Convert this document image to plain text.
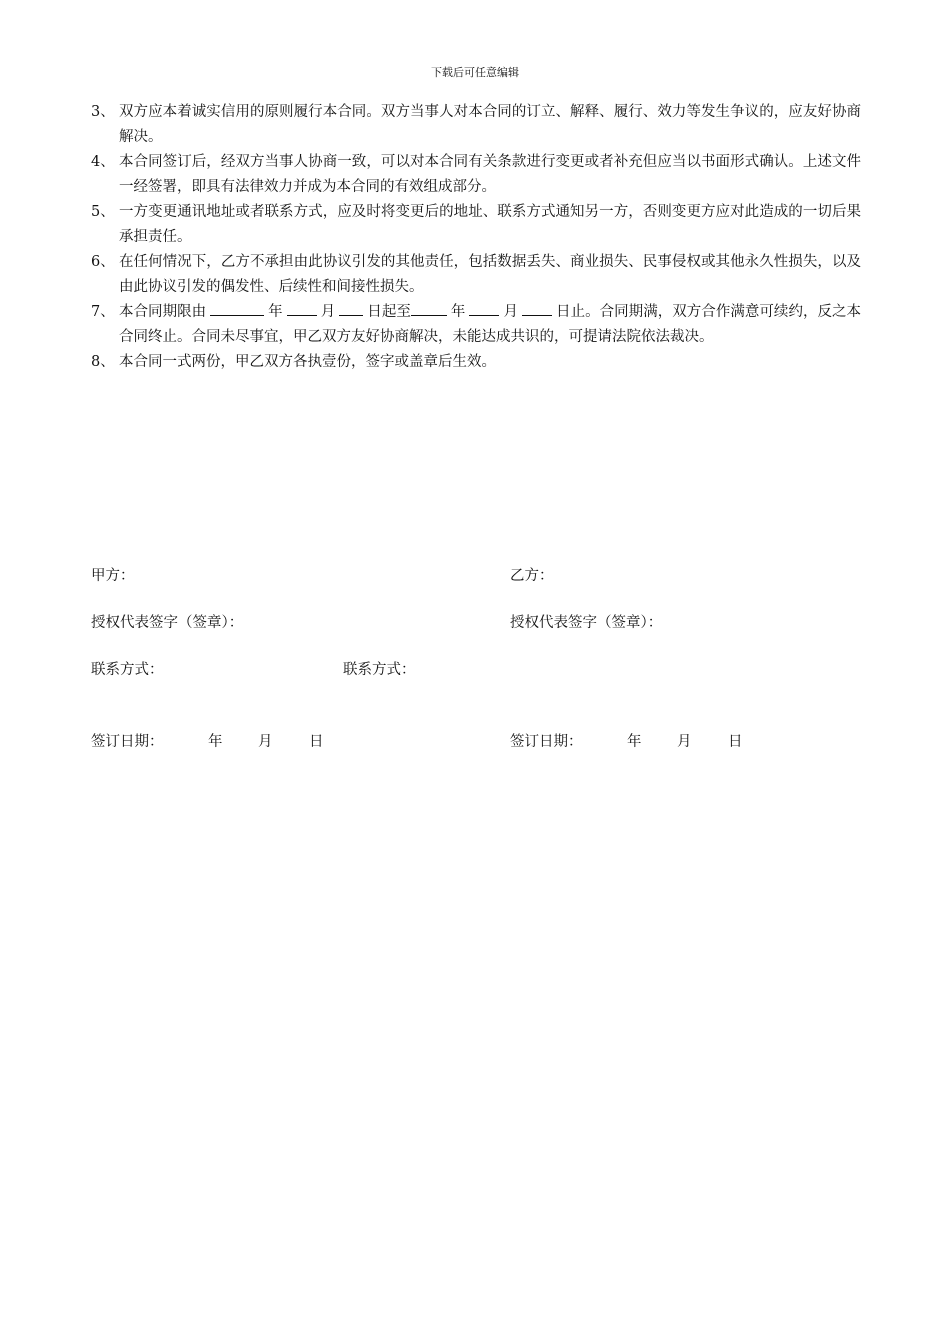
下载后可任意编辑
3、 双方应本着诚实信用的原则履行本合同。双方当事人对本合同的订立、解释、履行、效力等发生争议的，应友好协商解决。
4、 本合同签订后，经双方当事人协商一致，可以对本合同有关条款进行变更或者补充但应当以书面形式确认。上述文件一经签署，即具有法律效力并成为本合同的有效组成部分。
5、 一方变更通讯地址或者联系方式，应及时将变更后的地址、联系方式通知另一方，否则变更方应对此造成的一切后果承担责任。
6、 在任何情况下，乙方不承担由此协议引发的其他责任，包括数据丢失、商业损失、民事侵权或其他永久性损失，以及由此协议引发的偶发性、后续性和间接性损失。
7、 本合同期限由	年	月 日起至	年	月	日止。合同期满，双方合作满意可续约，反之本合同终止。合同未尽事宜，甲乙双方友好协商解决，未能达成共识的，可提请法院依法裁决。
8、 本合同一式两份，甲乙双方各执壹份，签字或盖章后生效。
甲方：	乙方：
授权代表签字（签章）：	授权代表签字（签章）：
联系方式：	联系方式：
签订日期：	年 月	日	签订日期：	年 月	日
